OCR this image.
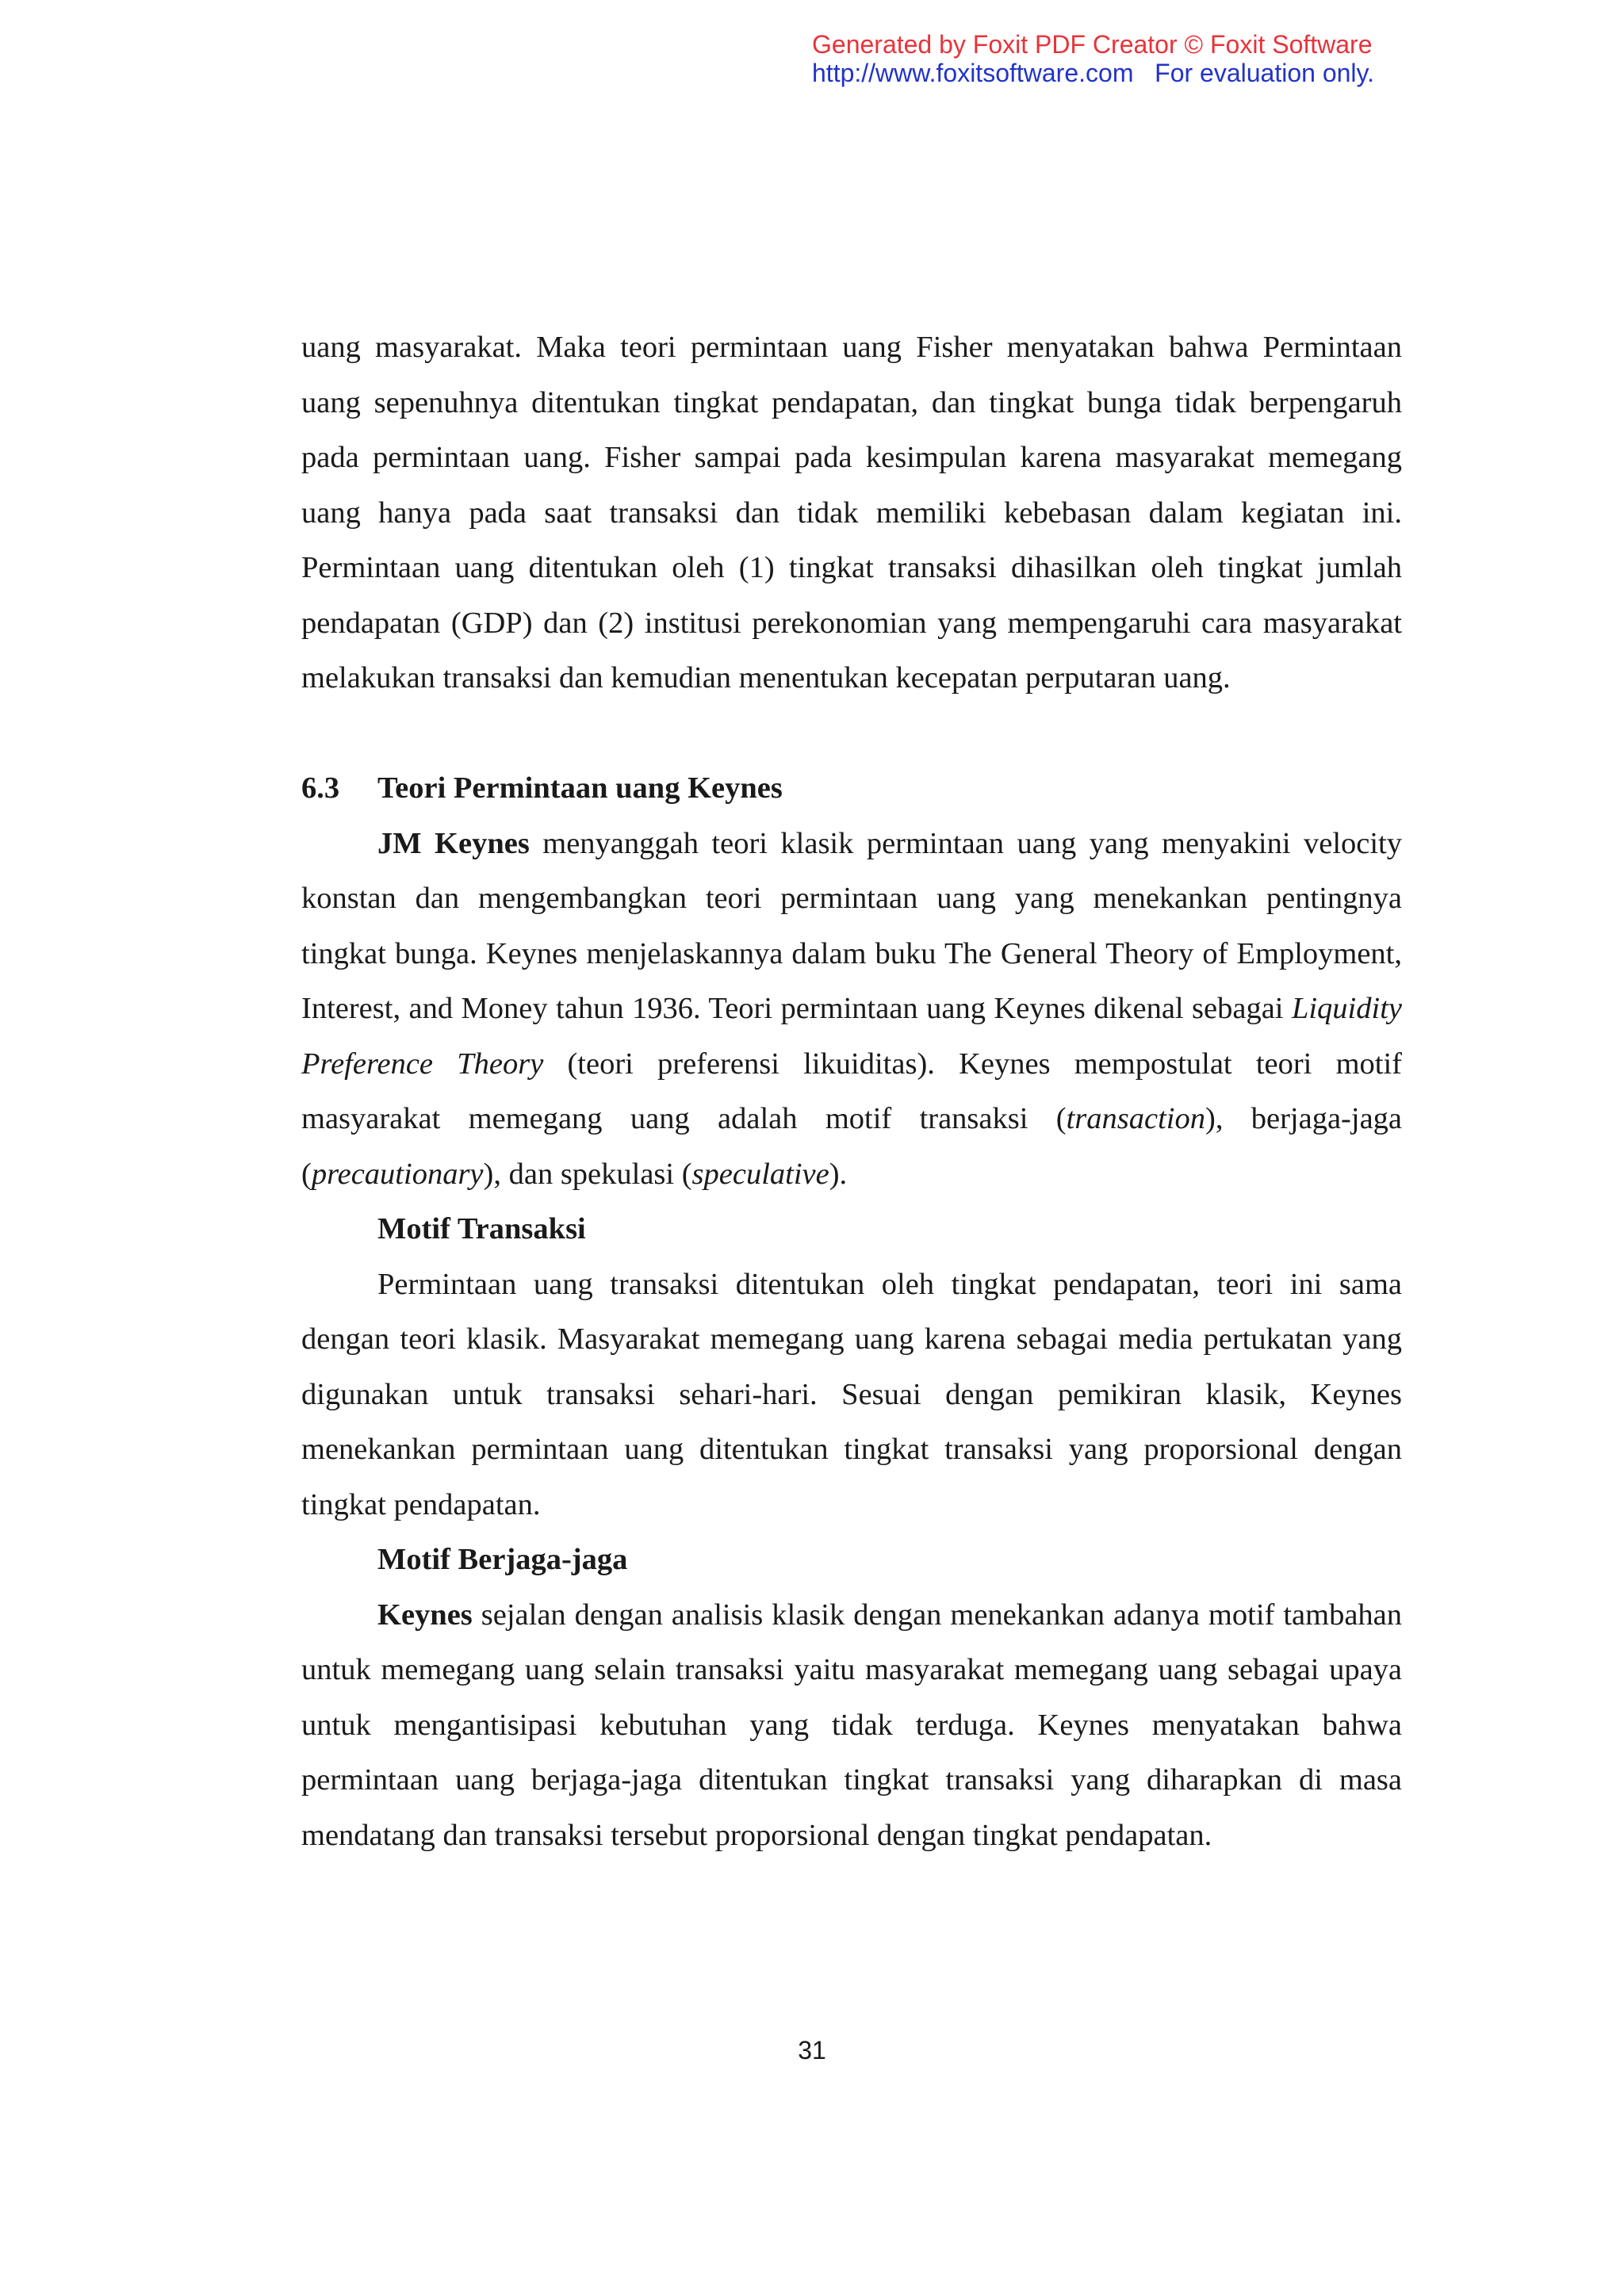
Generated by Foxit PDF Creator © Foxit Software
http://www.foxitsoftware.com   For evaluation only.

uang masyarakat. Maka teori permintaan uang Fisher menyatakan bahwa Permintaan uang sepenuhnya ditentukan tingkat pendapatan, dan tingkat bunga tidak berpengaruh pada permintaan uang. Fisher sampai pada kesimpulan karena masyarakat memegang uang hanya pada saat transaksi dan tidak memiliki kebebasan dalam kegiatan ini. Permintaan uang ditentukan oleh (1) tingkat transaksi dihasilkan oleh tingkat jumlah pendapatan (GDP) dan (2) institusi perekonomian yang mempengaruhi cara masyarakat melakukan transaksi dan kemudian menentukan kecepatan perputaran uang.

6.3	Teori Permintaan uang Keynes

JM Keynes menyanggah teori klasik permintaan uang yang menyakini velocity konstan dan mengembangkan teori permintaan uang yang menekankan pentingnya tingkat bunga. Keynes menjelaskannya dalam buku The General Theory of Employment, Interest, and Money tahun 1936. Teori permintaan uang Keynes dikenal sebagai Liquidity Preference Theory (teori preferensi likuiditas). Keynes mempostulat teori motif masyarakat memegang uang adalah motif transaksi (transaction), berjaga-jaga (precautionary), dan spekulasi (speculative).

Motif Transaksi

Permintaan uang transaksi ditentukan oleh tingkat pendapatan, teori ini sama dengan teori klasik. Masyarakat memegang uang karena sebagai media pertukatan yang digunakan untuk transaksi sehari-hari. Sesuai dengan pemikiran klasik, Keynes menekankan permintaan uang ditentukan tingkat transaksi yang proporsional dengan tingkat pendapatan.

Motif Berjaga-jaga

Keynes sejalan dengan analisis klasik dengan menekankan adanya motif tambahan untuk memegang uang selain transaksi yaitu masyarakat memegang uang sebagai upaya untuk mengantisipasi kebutuhan yang tidak terduga. Keynes menyatakan bahwa permintaan uang berjaga-jaga ditentukan tingkat transaksi yang diharapkan di masa mendatang dan transaksi tersebut proporsional dengan tingkat pendapatan.

31
